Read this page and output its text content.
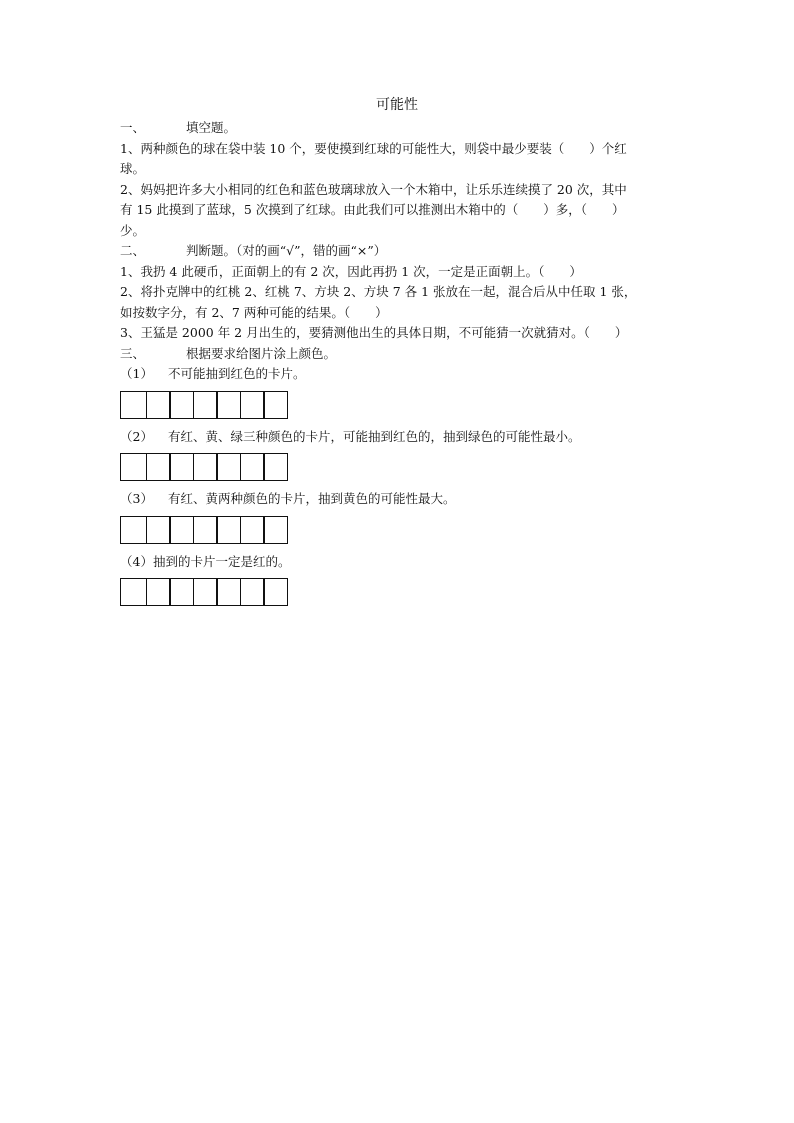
可能性
一、	填空题。
1、两种颜色的球在袋中装 10 个，要使摸到红球的可能性大，则袋中最少要装（　　）个红
球。
2、妈妈把许多大小相同的红色和蓝色玻璃球放入一个木箱中，让乐乐连续摸了 20 次，其中
有 15 此摸到了蓝球，5 次摸到了红球。由此我们可以推测出木箱中的（　　）多，（　　）
少。
二、	判断题。（对的画“√”，错的画“×”）
1、我扔 4 此硬币，正面朝上的有 2 次，因此再扔 1 次，一定是正面朝上。（　　）
2、将扑克牌中的红桃 2、红桃 7、方块 2、方块 7 各 1 张放在一起，混合后从中任取 1 张，
如按数字分，有 2、7 两种可能的结果。（　　）
3、王猛是 2000 年 2 月出生的，要猜测他出生的具体日期，不可能猜一次就猜对。（　　）
三、	根据要求给图片涂上颜色。
（1） 不可能抽到红色的卡片。
（2） 有红、黄、绿三种颜色的卡片，可能抽到红色的，抽到绿色的可能性最小。
（3） 有红、黄两种颜色的卡片，抽到黄色的可能性最大。
（4）抽到的卡片一定是红的。
